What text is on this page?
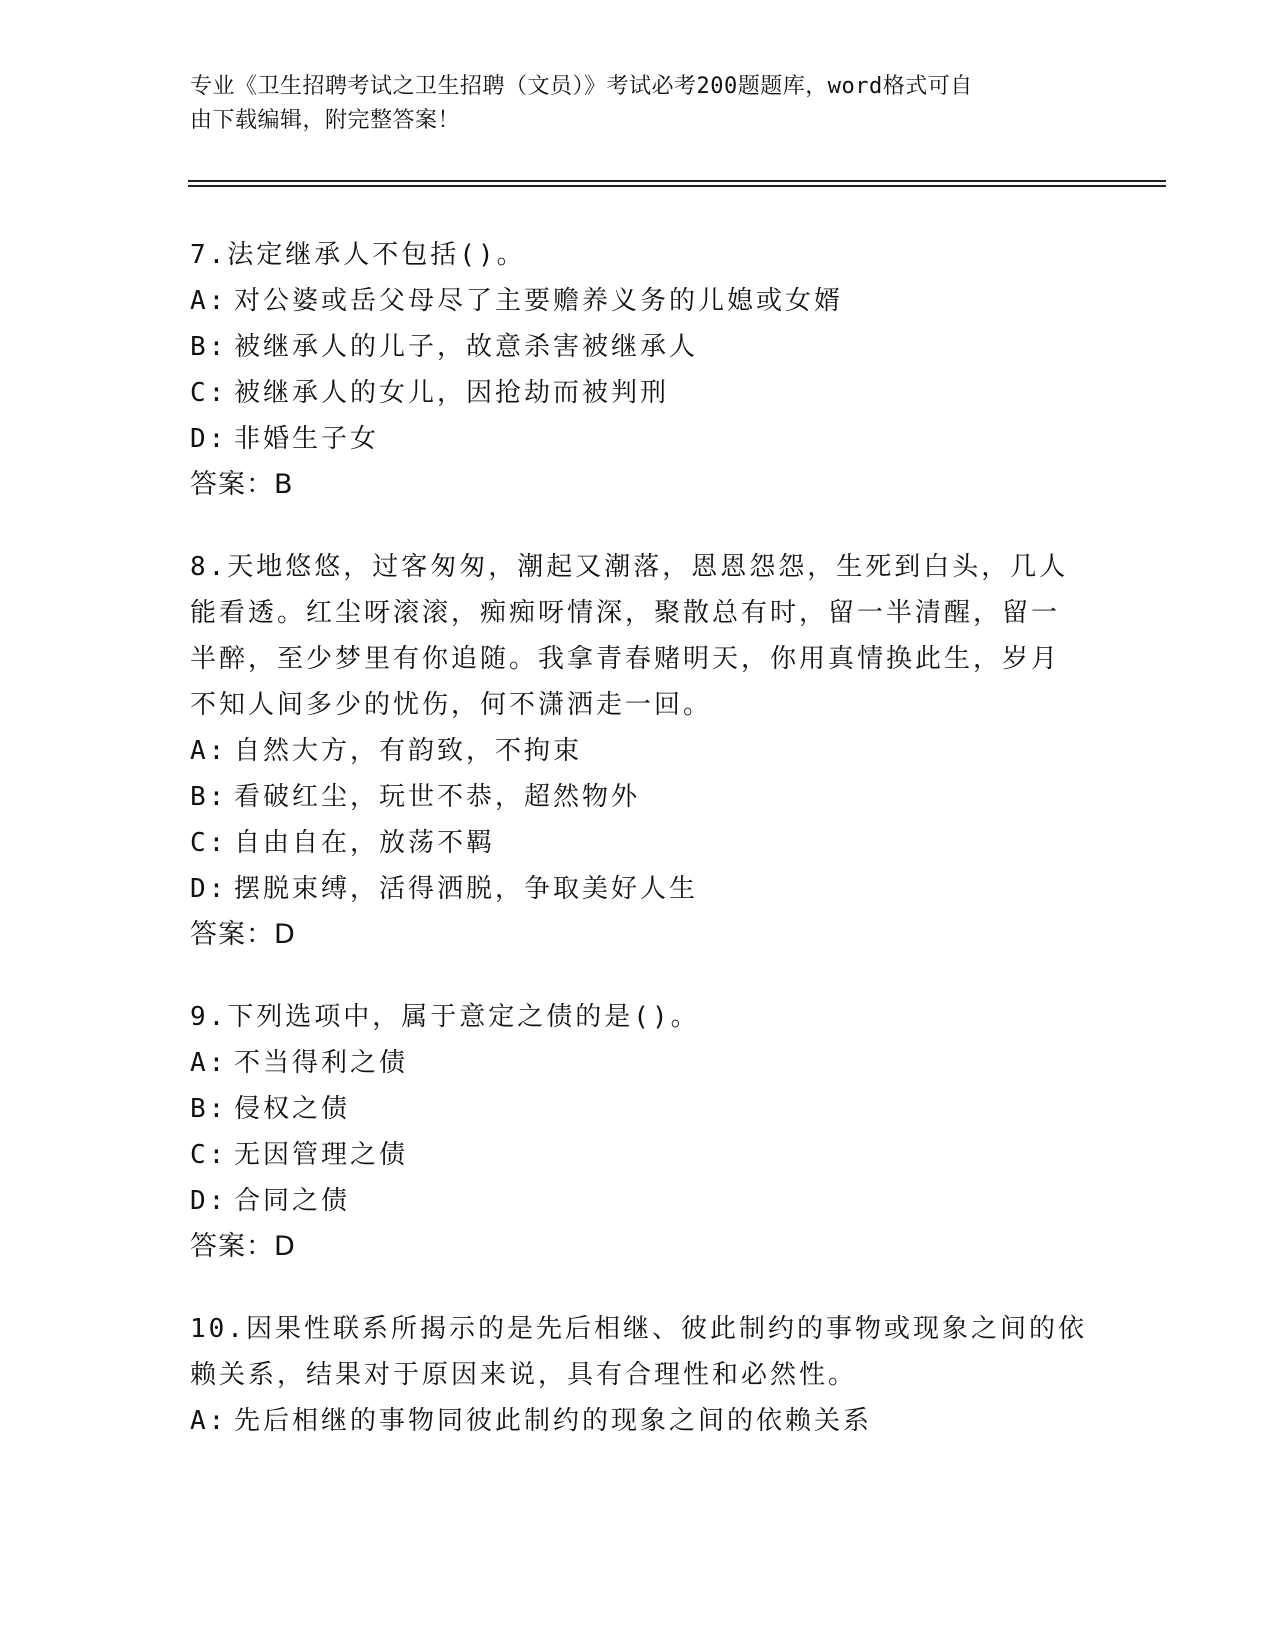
专业《卫生招聘考试之卫生招聘（文员）》考试必考200题题库，word格式可自
由下载编辑，附完整答案！
7.法定继承人不包括()。
A: 对公婆或岳父母尽了主要赡养义务的儿媳或女婿
B: 被继承人的儿子，故意杀害被继承人
C: 被继承人的女儿，因抢劫而被判刑
D: 非婚生子女
答案：B
8.天地悠悠，过客匆匆，潮起又潮落，恩恩怨怨，生死到白头，几人
能看透。红尘呀滚滚，痴痴呀情深，聚散总有时，留一半清醒，留一
半醉，至少梦里有你追随。我拿青春赌明天，你用真情换此生，岁月
不知人间多少的忧伤，何不潇洒走一回。
A: 自然大方，有韵致，不拘束
B: 看破红尘，玩世不恭，超然物外
C: 自由自在，放荡不羁
D: 摆脱束缚，活得洒脱，争取美好人生
答案：D
9.下列选项中，属于意定之债的是()。
A: 不当得利之债
B: 侵权之债
C: 无因管理之债
D: 合同之债
答案：D
10.因果性联系所揭示的是先后相继、彼此制约的事物或现象之间的依
赖关系，结果对于原因来说，具有合理性和必然性。
A: 先后相继的事物同彼此制约的现象之间的依赖关系
